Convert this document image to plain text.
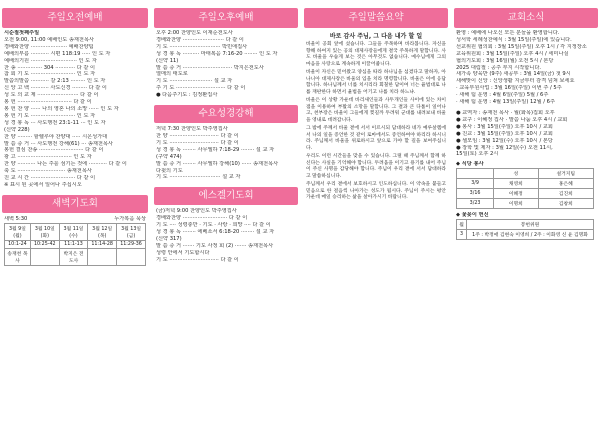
주일오전예배
시순절첫째주일
오전 9:00, 11:00 예배인도 송재천목사
경배와찬양 ······················ 예배찬양팀
예배의부름 ··········· 시편 118:19 ····· 인 도 자
예배의기원 ···························· 인 도 자
찬 송 ··············· 304 ············ 다 같 이
참 회 기 도 ··························· 인 도 자
말씀의말씀 ··········· 갈 2:13 ········· 인 도 자
신 앙 고 백 ··········· 사도신경 ········· 다 같 이
성 도 의 교 제 ························· 다 같 이
봉 헌 ································· 다 같 이
봉 헌 찬 양 ······ 나의 영혼 나의 소망 ······ 인 도 자
봉 헌 기 도 ··························· 인 도 자
성 경 봉 독 ··· 사도행전 23:1-11 ··· 인 도 자
(신약 228)
찬 양 ········· 할렐루야 찬양대 ····· 시온성가대
말 씀 증 거 ··· 사도행전 강해(61) ··· 송재천목사
봉헌 결심 찬송 ··························· 다 같 이
광 고 ································· 인 도 자
찬 양 ··········· 나는 주를 섬기는 것에 ··········· 다 같 이
축 도 ····························· 송재천목사
친 교 시 간 ··························· 다 같 이
※ 표시 된 곳에서 일어나 주십시오
새벽기도회
새벽 5:30	누가복음 묵상
3월 9일(월)	3월 10일(화)	3월 11일(수)	3월 12일(목)	3월 13일(금)
10:1-24	10:25-42	11:1-13	11:14-28	11:29-36
송재천 목사		박지은 전도사		
주일오후예배
오후 2:00 찬양인도 이재순전도사
경배와찬양 ························· 다 같 이
기 도 ······························· 박민애집사
성 경 봉 독 ·········· 마태복음 7:16-20 ········ 인 도 자
(신약 11)
말 씀 증 거 ······························ 박지은전도사
열매의 태도로
기 도 ·························· 설 교 자
주 기 도 ······························ 다 같 이
● 다음주기도 : 김정환집사
수요성경강해
저녁 7:30 찬양인도 박주영집사
찬 양 ······························ 다 같 이
기 도 ······························ 다 같 이
성 경 봉 독 ········ 사무엘하 7:18-29 ········ 설 교 자
(구약 474)
말 씀 증 거 ········ 사무엘하 강해(10) ······ 송재천목사
다윗의 기도
기 도 ······························· 설 교 자
에스겔기도회
(금)저녁 9:00 찬양인도 박주영집사
경배와찬양 ··························· 다 같 이
기 도 ···· 성령충만 · 기도 · 사랑 · 희망 ···· 다 같 이
성 경 봉 독 ········ 에베소서 6:18-20 ········ 설 교 자
(신약 317)
말 씀 증 거 ······· 기도 사정 회 (2) ······· 송재천목사
성령 안에서 기도합시다
기 도 ······························ 다 같 이
주일말씀요약
바로 감사 주님, 그 다음 내가 할 일
바울이 공회 앞에 섰습니다. 그들을 주목하며 바라봅니다. 자신을 향해 하여지 있는 공의 대제사장들에게 결국 주목하게 말합니다. 사도 바울을 우습게 보는 것은 아무것도 없습니다. 예수님에게 그의 마음을 사랑으로 계속하게 이끌어줍니다.
바울이 자신은 믿어왔고 양심을 따라 하나님을 섬겼다고 말하자, 아나니아 대제사장은 바울의 입을 치라 명령합니다. 바울은 이에 응답합니다. 하나님께서 너를 치시리라 회칠한 담이여 너는 율법대로 나를 재판한다 하면서 율법을 어기고 나를 치라 하느냐.
바울은 이 상황 가운데 바리새인들과 사두개인들 사이에 있는 차이점을 이용하여 부활의 소망을 말합니다. 그 결과 큰 다툼이 일어나고, 천부장은 바울이 그들에게 찢길까 두려워 군대를 내려보내 바울을 영내로 데려갑니다.
그 밤에 주께서 바울 곁에 서서 이르시되 담대하라 네가 예루살렘에서 나의 일을 증언한 것 같이 로마에서도 증언하여야 하리라 하시니라. 주님께서 바울을 위로하시고 앞으로 가야 할 길을 보여주십니다.
우리도 이런 시간들을 맞을 수 있습니다. 그럴 때 주님께서 함께 하신다는 사실을 기억해야 합니다. 두려움을 이기고 용기를 내어 주님이 주신 사명을 감당해야 합니다. 주님이 우리 곁에 서서 담대하라고 말씀하십니다.
주님께서 우리 곁에서 보호하시고 인도하십니다. 이 약속을 붙들고 믿음으로 한 걸음씩 나아가는 성도가 됩시다. 주님이 주시는 평안 가운데 매일 승리하는 삶을 살아가시기 바랍니다.
교회소식
환영 : 예배에 나오신 모든 분들을 환영합니다.
성서학 세례성찬예식 : 3월 15일(주일)에 있습니다.
선교위원 협의회 : 3월 15일(주일) 오후 1시 / 각 지정장소
교육위원회 : 3월 15일(주일) 오후 4시 / 세미나실
협의기도회 : 3월 16일(월) 오전 5시 / 본당
2025 대림절 : 공주 부지 시작합니다.
새가족 양육반 (9주) 새공부 : 3월 14일(금) 첫 9시
새해맞이 신앙 : 신앙생활 지금부터 감격 넘쳐 보세요
· 교육부원사업 : 3월 16일(주일) 이번 주 / 5주
· 새해 팀 운영 : 4월 6일(주일) 5월 / 6주
· 새해 팀 운영 : 4월 13일(주일) 12월 / 6주
● 교역자 : 송재천 목사 · 월(화목)집회 오후
● 교구 : 이혜정 집사 · 말씀 나눔 오후 4시 / 교회
● 봉사 : 3월 15일(주일) 오후 10시 / 교회
● 친교 : 3월 15일(주일) 오후 10시 / 교회
● 셀모임 : 3월 12일(수) 오후 10시 / 본당
● 장학 및 제자 : 3월 12일(수) 오전 11시,
15일(토) 오후 2시
◆ 식당 봉사
	성	설거지팀
3/9	채영희	홍은혜
3/16	이혜정	김진희
3/23	이명희	김창희
◆ 꽃꽂이 헌신
월	봉헌위원
3	1주 : 박정애 김현숙 이영희 / 2주 : 이화영 신 윤 김명화
